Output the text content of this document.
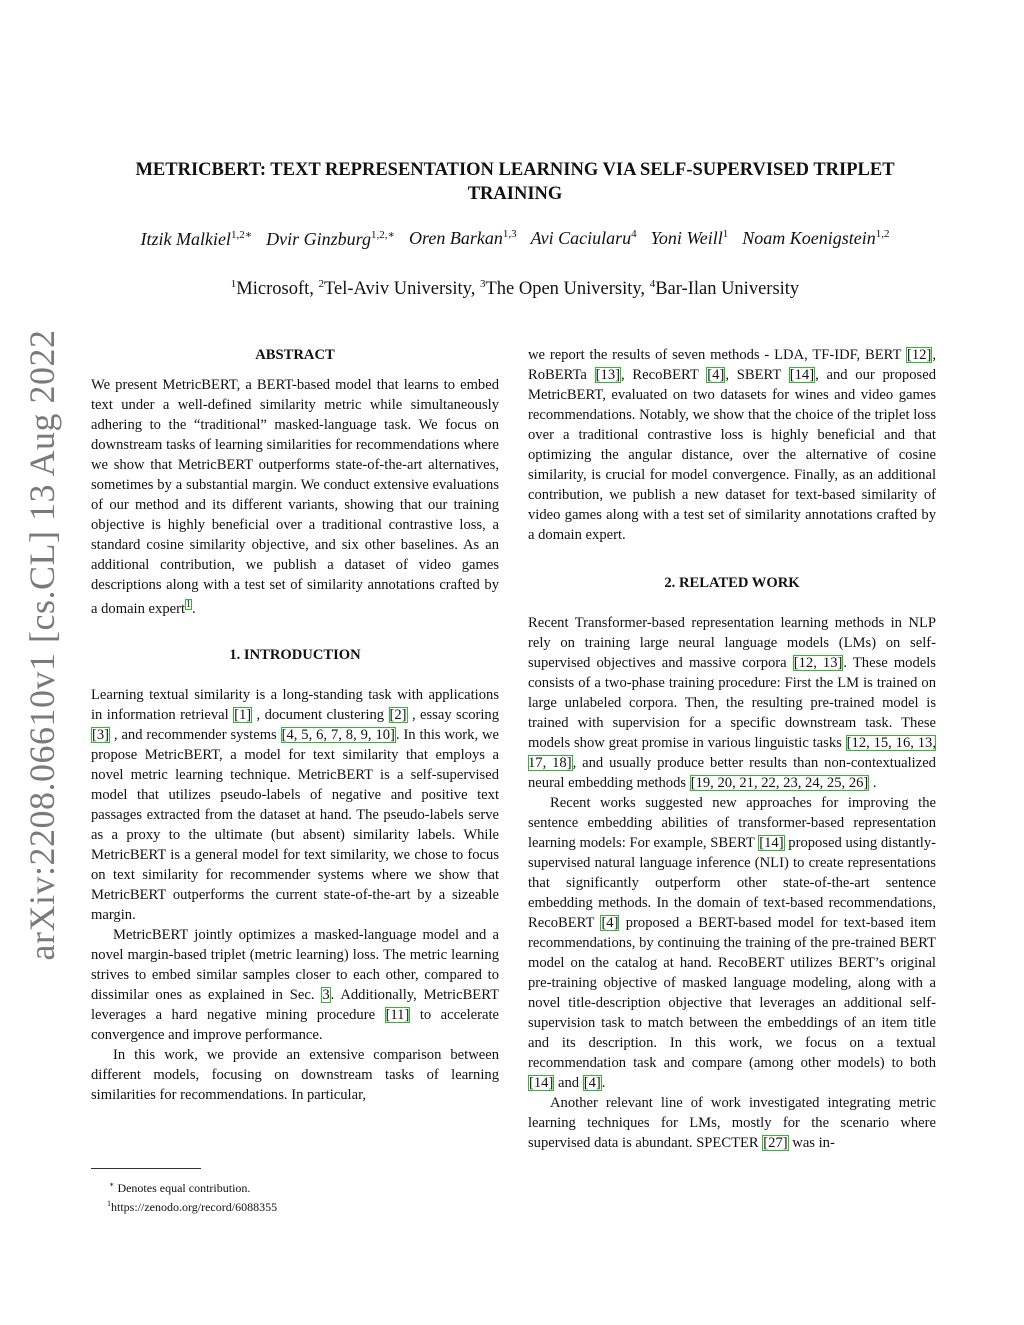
arXiv:2208.06610v1 [cs.CL] 13 Aug 2022
METRICBERT: TEXT REPRESENTATION LEARNING VIA SELF-SUPERVISED TRIPLET
TRAINING
Itzik Malkiel$^{1,2∗}$ Dvir Ginzburg$^{1,2,∗}$ Oren Barkan$^{1,3}$ Avi Caciularu$^4$ Yoni Weill$^1$ Noam Koenigstein$^{1,2}$
$^1$Microsoft, $^2$Tel-Aviv University, $^3$The Open University, $^4$Bar-Ilan University
ABSTRACT

We present MetricBERT, a BERT-based model that learns to embed text under a well-defined similarity metric while simultaneously adhering to the “traditional” masked-language task. We focus on downstream tasks of learning similarities for recommendations where we show that MetricBERT outperforms state-of-the-art alternatives, sometimes by a substantial margin. We conduct extensive evaluations of our method and its different variants, showing that our training objective is highly beneficial over a traditional contrastive loss, a standard cosine similarity objective, and six other baselines. As an additional contribution, we publish a dataset of video games descriptions along with a test set of similarity annotations crafted by a domain expert$^1$.

1. INTRODUCTION

Learning textual similarity is a long-standing task with applications in information retrieval [1] , document clustering [2] , essay scoring [3] , and recommender systems [4, 5, 6, 7, 8, 9, 10]. In this work, we propose MetricBERT, a model for text similarity that employs a novel metric learning technique. MetricBERT is a self-supervised model that utilizes pseudo-labels of negative and positive text passages extracted from the dataset at hand. The pseudo-labels serve as a proxy to the ultimate (but absent) similarity labels. While MetricBERT is a general model for text similarity, we chose to focus on text similarity for recommender systems where we show that MetricBERT outperforms the current state-of-the-art by a sizeable margin.

MetricBERT jointly optimizes a masked-language model and a novel margin-based triplet (metric learning) loss. The metric learning strives to embed similar samples closer to each other, compared to dissimilar ones as explained in Sec. 3. Additionally, MetricBERT leverages a hard negative mining procedure [11] to accelerate convergence and improve performance.

In this work, we provide an extensive comparison between different models, focusing on downstream tasks of learning similarities for recommendations. In particular,

we report the results of seven methods - LDA, TF-IDF, BERT [12], RoBERTa [13], RecoBERT [4], SBERT [14], and our proposed MetricBERT, evaluated on two datasets for wines and video games recommendations. Notably, we show that the choice of the triplet loss over a traditional contrastive loss is highly beneficial and that optimizing the angular distance, over the alternative of cosine similarity, is crucial for model convergence. Finally, as an additional contribution, we publish a new dataset for text-based similarity of video games along with a test set of similarity annotations crafted by a domain expert.

2. RELATED WORK

Recent Transformer-based representation learning methods in NLP rely on training large neural language models (LMs) on self-supervised objectives and massive corpora [12, 13]. These models consists of a two-phase training procedure: First the LM is trained on large unlabeled corpora. Then, the resulting pre-trained model is trained with supervision for a specific downstream task. These models show great promise in various linguistic tasks [12, 15, 16, 13, 17, 18], and usually produce better results than non-contextualized neural embedding methods [19, 20, 21, 22, 23, 24, 25, 26] .

Recent works suggested new approaches for improving the sentence embedding abilities of transformer-based representation learning models: For example, SBERT [14] proposed using distantly-supervised natural language inference (NLI) to create representations that significantly outperform other state-of-the-art sentence embedding methods. In the domain of text-based recommendations, RecoBERT [4] proposed a BERT-based model for text-based item recommendations, by continuing the training of the pre-trained BERT model on the catalog at hand. RecoBERT utilizes BERT’s original pre-training objective of masked language modeling, along with a novel title-description objective that leverages an additional self-supervision task to match between the embeddings of an item title and its description. In this work, we focus on a textual recommendation task and compare (among other models) to both [14] and [4].

Another relevant line of work investigated integrating metric learning techniques for LMs, mostly for the scenario where supervised data is abundant. SPECTER [27] was in-

∗ Denotes equal contribution.
$^1$https://zenodo.org/record/6088355
